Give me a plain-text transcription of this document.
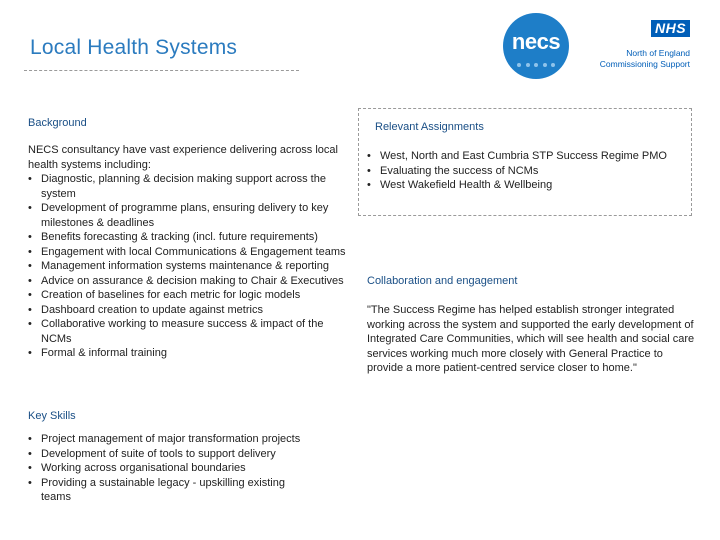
Local Health Systems	necs
NHS
North of England
Commissioning Support
Background
NECS consultancy have vast experience delivering across local health systems including:
• Diagnostic, planning & decision making support across the system
• Development of programme plans, ensuring delivery to key milestones & deadlines
• Benefits forecasting & tracking (incl. future requirements)
• Engagement with local Communications & Engagement teams
• Management information systems maintenance & reporting
• Advice on assurance & decision making to Chair & Executives
• Creation of baselines for each metric for logic models
• Dashboard creation to update against metrics
• Collaborative working to measure success & impact of the NCMs
• Formal & informal training
Key Skills
• Project management of major transformation projects
• Development of suite of tools to support delivery
• Working across organisational boundaries
• Providing a sustainable legacy - upskilling existing teams
Relevant Assignments
• West, North and East Cumbria STP Success Regime PMO
• Evaluating the success of NCMs
• West Wakefield Health & Wellbeing
Collaboration and engagement
"The Success Regime has helped establish stronger integrated working across the system and supported the early development of Integrated Care Communities, which will see health and social care services working much more closely with General Practice to provide a more patient-centred service closer to home."
